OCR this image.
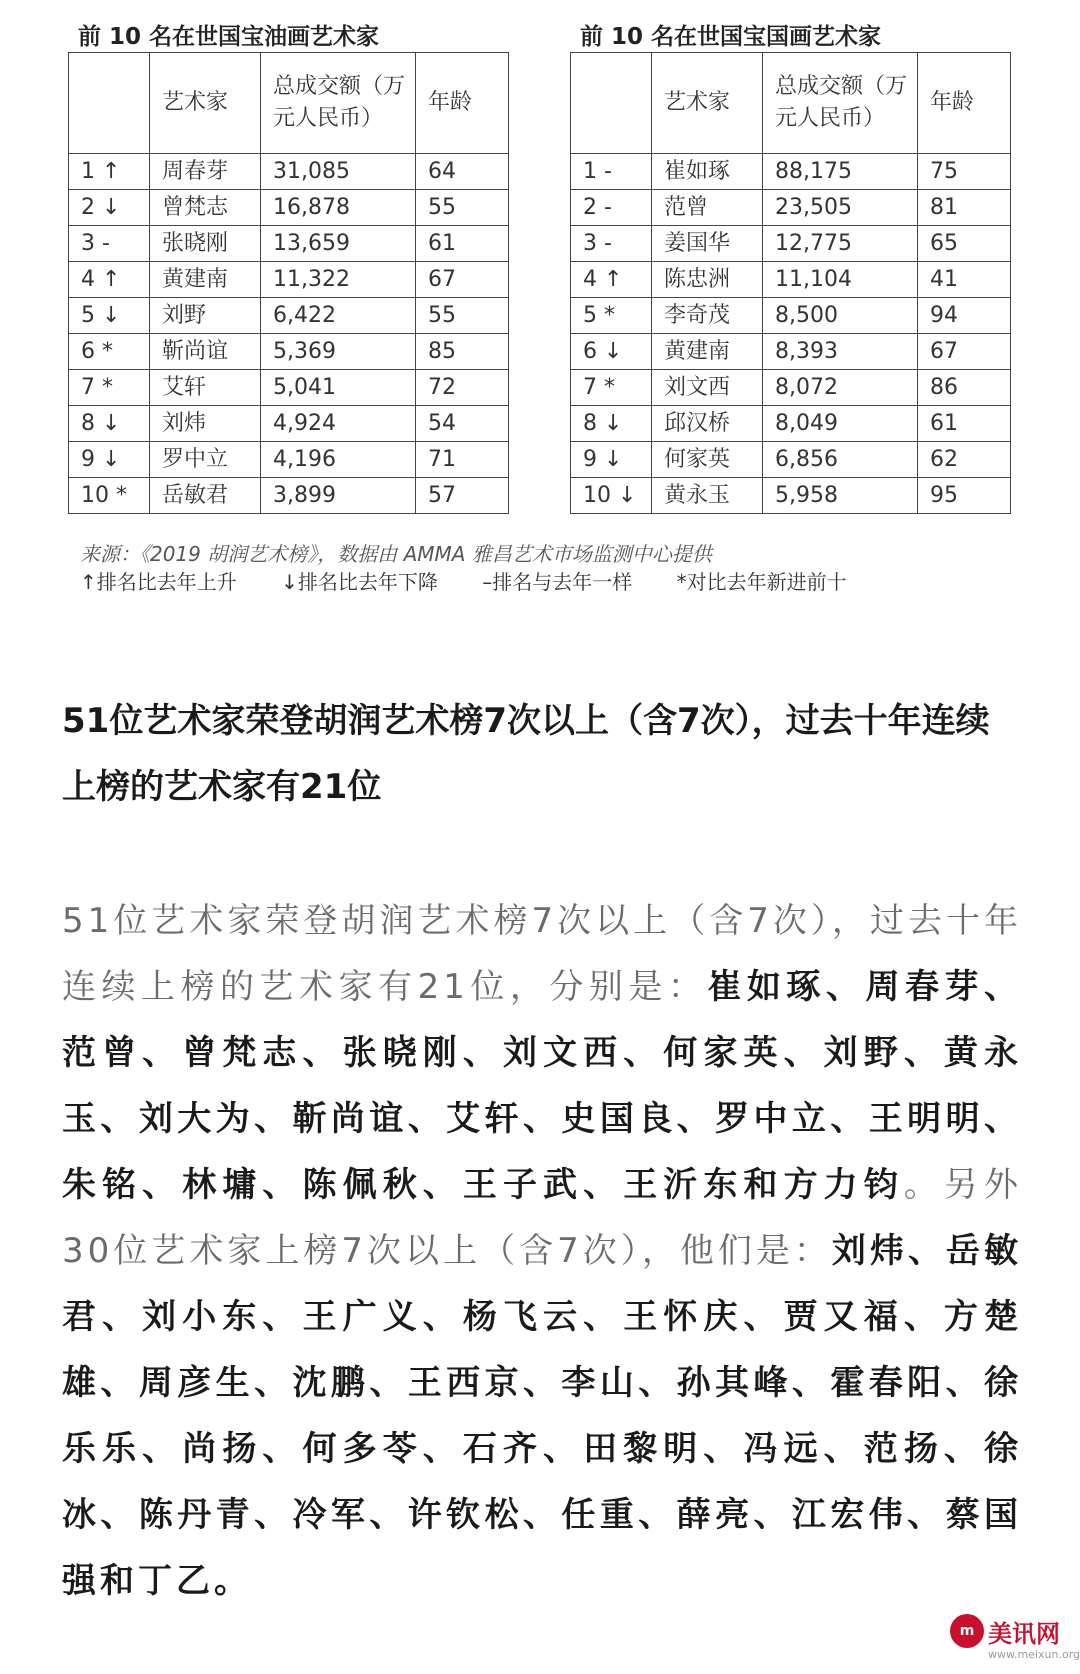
前 10 名在世国宝油画艺术家
	艺术家	总成交额（万元人民币）	年龄
1 ↑	周春芽	31,085	64
2 ↓	曾梵志	16,878	55
3 -	张晓刚	13,659	61
4 ↑	黄建南	11,322	67
5 ↓	刘野	6,422	55
6 *	靳尚谊	5,369	85
7 *	艾轩	5,041	72
8 ↓	刘炜	4,924	54
9 ↓	罗中立	4,196	71
10 *	岳敏君	3,899	57
前 10 名在世国宝国画艺术家
	艺术家	总成交额（万元人民币）	年龄
1 -	崔如琢	88,175	75
2 -	范曾	23,505	81
3 -	姜国华	12,775	65
4 ↑	陈忠洲	11,104	41
5 *	李奇茂	8,500	94
6 ↓	黄建南	8,393	67
7 *	刘文西	8,072	86
8 ↓	邱汉桥	8,049	61
9 ↓	何家英	6,856	62
10 ↓	黄永玉	5,958	95
来源：《2019 胡润艺术榜》，数据由 AMMA 雅昌艺术市场监测中心提供
↑排名比去年上升 ↓排名比去年下降 –排名与去年一样 *对比去年新进前十
51位艺术家荣登胡润艺术榜7次以上（含7次），过去十年连续上榜的艺术家有21位
51位艺术家荣登胡润艺术榜7次以上（含7次），过去十年连续上榜的艺术家有21位，分别是：崔如琢、周春芽、范曾、曾梵志、张晓刚、刘文西、何家英、刘野、黄永玉、刘大为、靳尚谊、艾轩、史国良、罗中立、王明明、朱铭、林墉、陈佩秋、王子武、王沂东和方力钧。另外30位艺术家上榜7次以上（含7次），他们是：刘炜、岳敏君、刘小东、王广义、杨飞云、王怀庆、贾又福、方楚雄、周彦生、沈鹏、王西京、李山、孙其峰、霍春阳、徐乐乐、尚扬、何多苓、石齐、田黎明、冯远、范扬、徐冰、陈丹青、冷军、许钦松、任重、薛亮、江宏伟、蔡国强和丁乙。
m 美讯网
www.meixun.org
